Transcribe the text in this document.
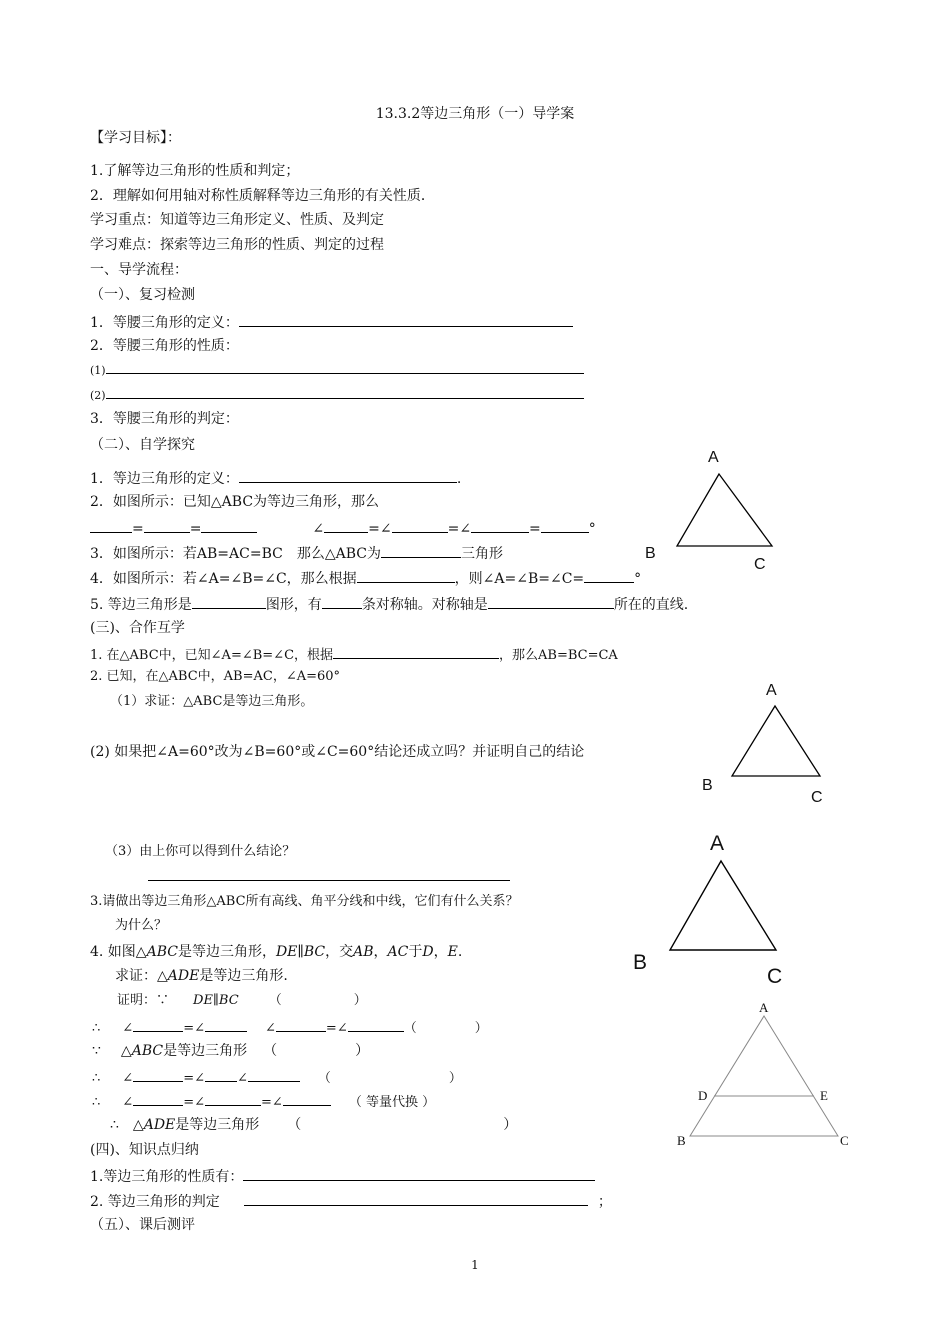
13.3.2等边三角形（一）导学案
【学习目标】：
1.了解等边三角形的性质和判定；
2．理解如何用轴对称性质解释等边三角形的有关性质．
学习重点：知道等边三角形定义、性质、及判定
学习难点：探索等边三角形的性质、判定的过程
一、导学流程：
（一）、复习检测
1．等腰三角形的定义：
2．等腰三角形的性质：
(1)
(2)
3．等腰三角形的判定：
（二）、自学探究
1．等边三角形的定义：	.
2．如图所示：已知△ABC为等边三角形，那么
=	=	∠	=∠	=∠	=	°
3．如图所示：若AB=AC=BC　那么△ABC为	三角形
4．如图所示：若∠A=∠B=∠C，那么根据	，则∠A=∠B=∠C=	°
5. 等边三角形是	图形，有	条对称轴。对称轴是	所在的直线.
(三)、合作互学
1. 在△ABC中，已知∠A=∠B=∠C，根据	，那么AB=BC=CA
2. 已知，在△ABC中，AB=AC，∠A=60°
（1）求证：△ABC是等边三角形。
(2) 如果把∠A=60°改为∠B=60°或∠C=60°结论还成立吗？并证明自己的结论
（3）由上你可以得到什么结论？
3.请做出等边三角形△ABC所有高线、角平分线和中线，它们有什么关系？
为什么？
4. 如图△ABC是等边三角形，DE∥BC，交AB，AC于D，E.
求证：△ADE是等边三角形.
证明：∵ DE∥BC （	）
∴ ∠	=∠	∠	=∠	（	）
∵ △ABC是等边三角形 （	）
∴ ∠	=∠ ∠	（	）
∴ ∠	=∠	=∠	（ 等量代换 ）
∴ △ADE是等边三角形 （	）
(四)、知识点归纳
1.等边三角形的性质有：
2. 等边三角形的判定	；
（五）、课后测评
1
A
B
C
A
B
C
A
B
C
A
D	E
B	C
